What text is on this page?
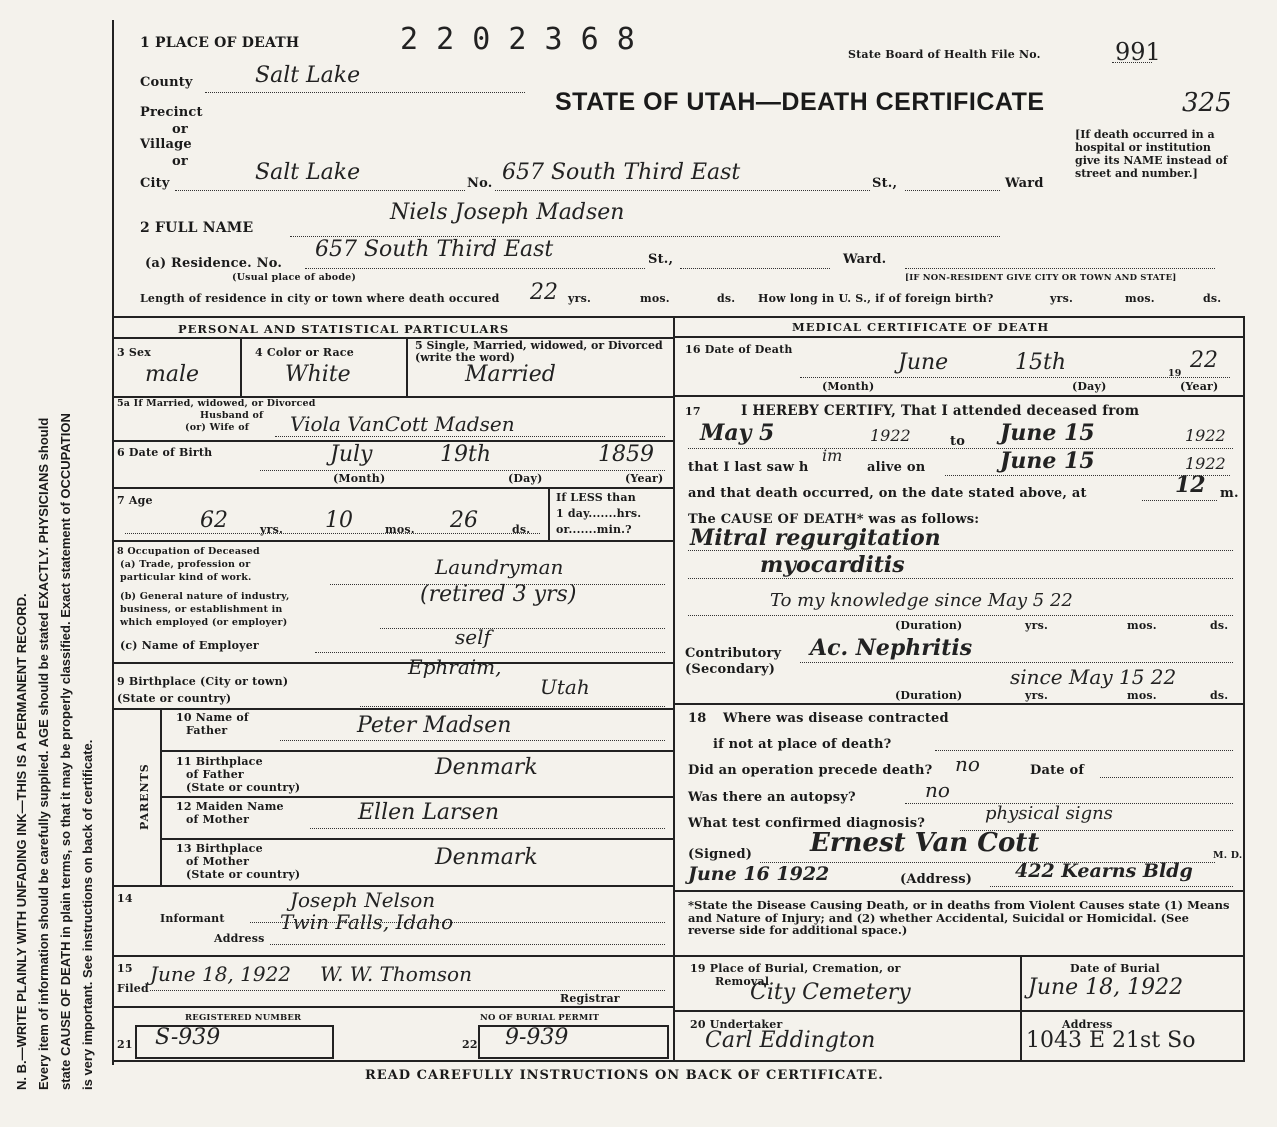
N. B.—WRITE PLAINLY WITH UNFADING INK—THIS IS A PERMANENT RECORD. Every item of information should be carefully supplied. AGE should be stated EXACTLY. PHYSICIANS should state CAUSE OF DEATH in plain terms, so that it may be properly classified. Exact statement of OCCUPATION is very important. See instructions on back of certificate.
1 PLACE OF DEATH	2 2 0 2 3 6 8	State Board of Health File No.	991
STATE OF UTAH—DEATH CERTIFICATE	325
[If death occurred in a hospital or institution give its NAME instead of street and number.]
County	Salt Lake
Precinct
or
Village
or
City	Salt Lake	No. 657 South Third East	St.,	Ward
2 FULL NAME
Niels Joseph Madsen
(a) Residence. No.
657 South Third East	St.,	Ward.
(Usual place of abode)	[IF NON-RESIDENT GIVE CITY OR TOWN AND STATE]
Length of residence in city or town where death occured 22 yrs.	mos.	ds. How long in U. S., if of foreign birth?	yrs.	mos.	ds.
PERSONAL AND STATISTICAL PARTICULARS
3 Sex
male
4 Color or Race
White
5 Single, Married, widowed, or Divorced (write the word)
Married
5a If Married, widowed, or Divorced
Husband of
(or) Wife of Viola VanCott Madsen
6 Date of Birth	July	19th	1859
(Month)	(Day)	(Year)
7 Age
62	yrs. 10	mos. 26	ds.
If LESS than
1 day.......hrs.
or.......min.?
8 Occupation of Deceased
(a) Trade, profession or
particular kind of work.	Laundryman
(b) General nature of industry,
business, or establishment in
which employed (or employer)
(retired 3 yrs)
(c) Name of Employer	self
9 Birthplace (City or town)
(State or country)
Ephraim,
Utah
PARENTS
10 Name of
Father	Peter Madsen
11 Birthplace
of Father
(State or country)
Denmark
12 Maiden Name
of Mother	Ellen Larsen
13 Birthplace
of Mother
(State or country)
Denmark
14
Informant
Joseph Nelson
Address
Twin Falls, Idaho
15
Filed
June 18, 1922 W. W. Thomson
Registrar
REGISTERED NUMBER
21 S-939
NO OF BURIAL PERMIT
22 9-939
MEDICAL CERTIFICATE OF DEATH
16 Date of Death
June	15th	19
22
(Month)	(Day)	(Year)
17	I HEREBY CERTIFY, That I attended deceased from
May 5	1922	to June 15	1922
that I last saw h
im
alive on	June 15	1922
and that death occurred, on the date stated above, at	12 m.
The CAUSE OF DEATH* was as follows:
Mitral regurgitation
myocarditis
To my knowledge since May 5 22
(Duration)	yrs.	mos.	ds.
Contributory
(Secondary)
Ac. Nephritis
since May 15 22
(Duration)	yrs.	mos.	ds.
18 Where was disease contracted
if not at place of death?
Did an operation precede death? no	Date of
Was there an autopsy?	no
What test confirmed diagnosis?	physical signs
(Signed) Ernest Van Cott	M. D.
June 16 1922	(Address) 422 Kearns Bldg
*State the Disease Causing Death, or in deaths from Violent Causes state (1) Means and Nature of Injury; and (2) whether Accidental, Suicidal or Homicidal. (See reverse side for additional space.)
19 Place of Burial, Cremation, or
Removal
City Cemetery
Date of Burial
June 18, 1922
20 Undertaker
Carl Eddington
Address
1043 E 21st So
READ CAREFULLY INSTRUCTIONS ON BACK OF CERTIFICATE.
